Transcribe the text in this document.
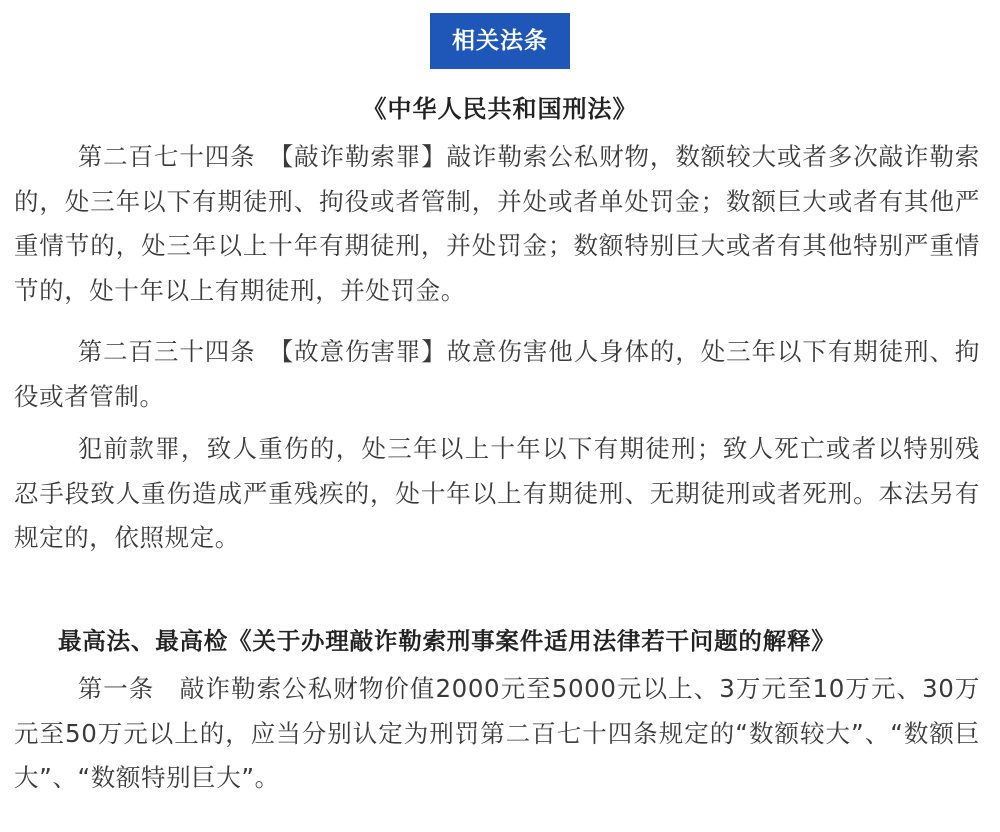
相关法条
《中华人民共和国刑法》

第二百七十四条　【敲诈勒索罪】敲诈勒索公私财物，数额较大或者多次敲诈勒索的，处三年以下有期徒刑、拘役或者管制，并处或者单处罚金；数额巨大或者有其他严重情节的，处三年以上十年有期徒刑，并处罚金；数额特别巨大或者有其他特别严重情节的，处十年以上有期徒刑，并处罚金。

第二百三十四条　【故意伤害罪】故意伤害他人身体的，处三年以下有期徒刑、拘役或者管制。

犯前款罪，致人重伤的，处三年以上十年以下有期徒刑；致人死亡或者以特别残忍手段致人重伤造成严重残疾的，处十年以上有期徒刑、无期徒刑或者死刑。本法另有规定的，依照规定。

最高法、最高检《关于办理敲诈勒索刑事案件适用法律若干问题的解释》

第一条　敲诈勒索公私财物价值2000元至5000元以上、3万元至10万元、30万元至50万元以上的，应当分别认定为刑罚第二百七十四条规定的“数额较大”、“数额巨大”、“数额特别巨大”。
